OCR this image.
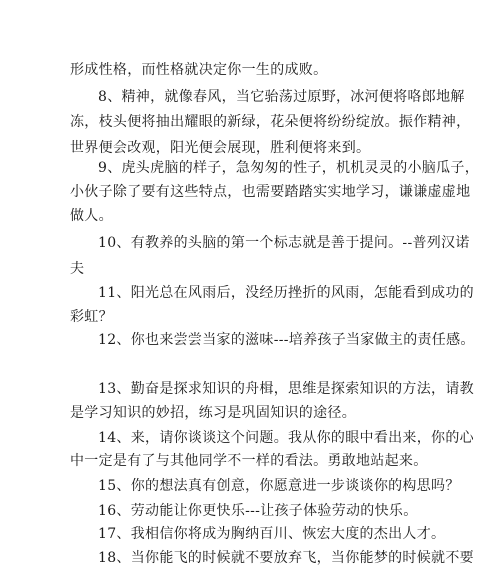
形成性格，而性格就决定你一生的成败。
8、精神，就像春风，当它骀荡过原野，冰河便将咯郎地解
冻，枝头便将抽出耀眼的新绿，花朵便将纷纷绽放。振作精神，
世界便会改观，阳光便会展现，胜利便将来到。
9、虎头虎脑的样子，急匆匆的性子，机机灵灵的小脑瓜子，
小伙子除了要有这些特点，也需要踏踏实实地学习，谦谦虚虚地
做人。
10、有教养的头脑的第一个标志就是善于提问。--普列汉诺
夫
11、阳光总在风雨后，没经历挫折的风雨，怎能看到成功的
彩虹？
12、你也来尝尝当家的滋味---培养孩子当家做主的责任感。
13、勤奋是探求知识的舟楫，思维是探索知识的方法，请教
是学习知识的妙招，练习是巩固知识的途径。
14、来，请你谈谈这个问题。我从你的眼中看出来，你的心
中一定是有了与其他同学不一样的看法。勇敢地站起来。
15、你的想法真有创意，你愿意进一步谈谈你的构思吗？
16、劳动能让你更快乐---让孩子体验劳动的快乐。
17、我相信你将成为胸纳百川、恢宏大度的杰出人才。
18、当你能飞的时候就不要放弃飞，当你能梦的时候就不要
